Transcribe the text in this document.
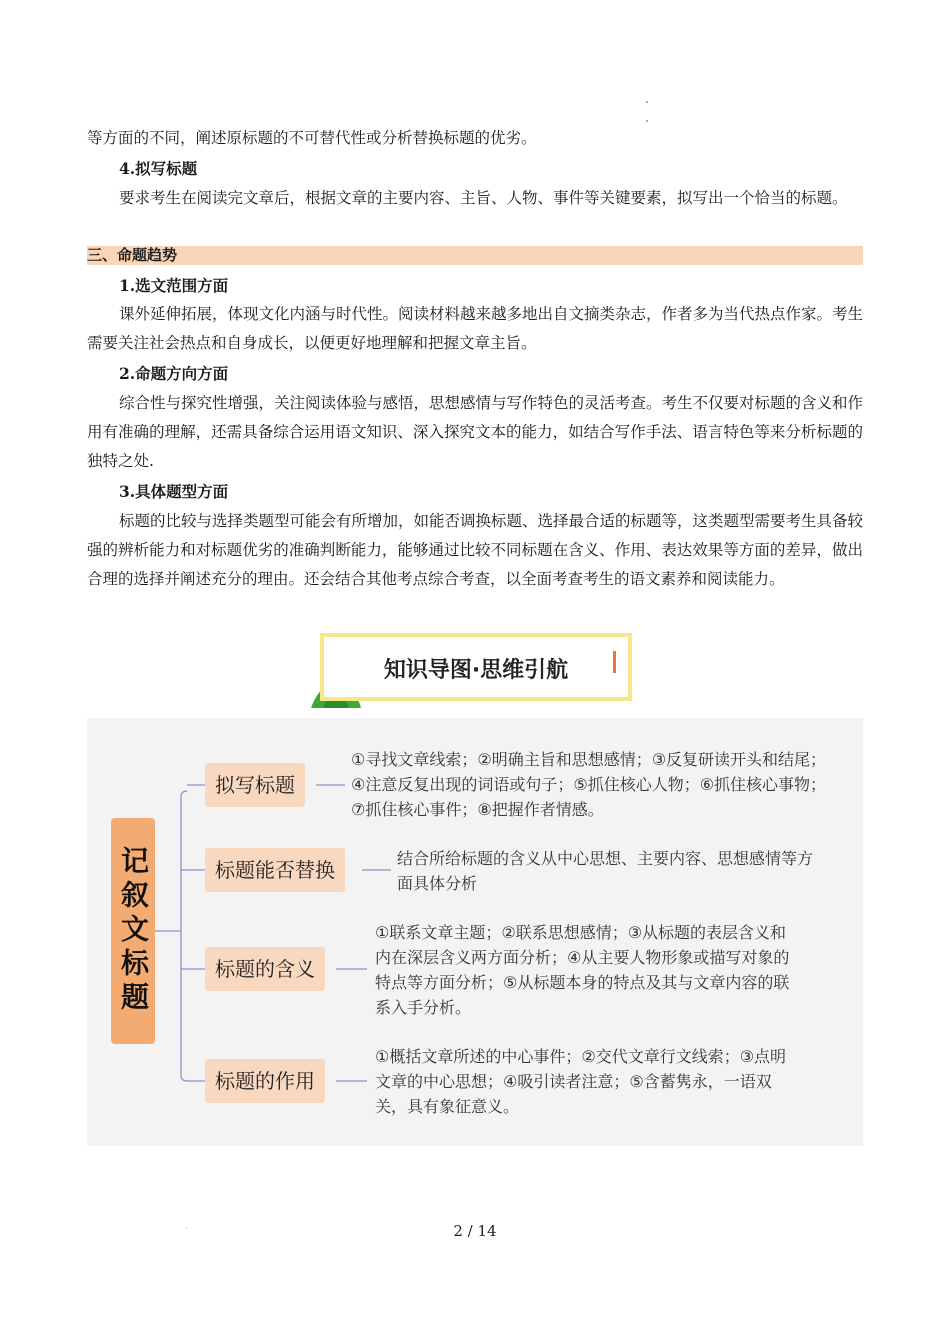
等方面的不同，阐述原标题的不可替代性或分析替换标题的优劣。

4.拟写标题

要求考生在阅读完文章后，根据文章的主要内容、主旨、人物、事件等关键要素，拟写出一个恰当的标题。

三、命题趋势

1.选文范围方面

课外延伸拓展，体现文化内涵与时代性。阅读材料越来越多地出自文摘类杂志，作者多为当代热点作家。考生需要关注社会热点和自身成长，以便更好地理解和把握文章主旨。

2.命题方向方面

综合性与探究性增强，关注阅读体验与感悟，思想感情与写作特色的灵活考查。考生不仅要对标题的含义和作用有准确的理解，还需具备综合运用语文知识、深入探究文本的能力，如结合写作手法、语言特色等来分析标题的独特之处.

3.具体题型方面

标题的比较与选择类题型可能会有所增加，如能否调换标题、选择最合适的标题等，这类题型需要考生具备较强的辨析能力和对标题优劣的准确判断能力，能够通过比较不同标题在含义、作用、表达效果等方面的差异，做出合理的选择并阐述充分的理由。还会结合其他考点综合考查，以全面考查考生的语文素养和阅读能力。

知识导图·思维引航
记叙文标题
拟写标题

①寻找文章线索；②明确主旨和思想感情；③反复研读开头和结尾；④注意反复出现的词语或句子；⑤抓住核心人物；⑥抓住核心事物；⑦抓住核心事件；⑧把握作者情感。

标题能否替换	结合所给标题的含义从中心思想、主要内容、思想感情等方面具体分析

标题的含义

①联系文章主题；②联系思想感情；③从标题的表层含义和内在深层含义两方面分析；④从主要人物形象或描写对象的特点等方面分析；⑤从标题本身的特点及其与文章内容的联系入手分析。

标题的作用

①概括文章所述的中心事件；②交代文章行文线索；③点明文章的中心思想；④吸引读者注意；⑤含蓄隽永，一语双关，具有象征意义。

2 / 14
